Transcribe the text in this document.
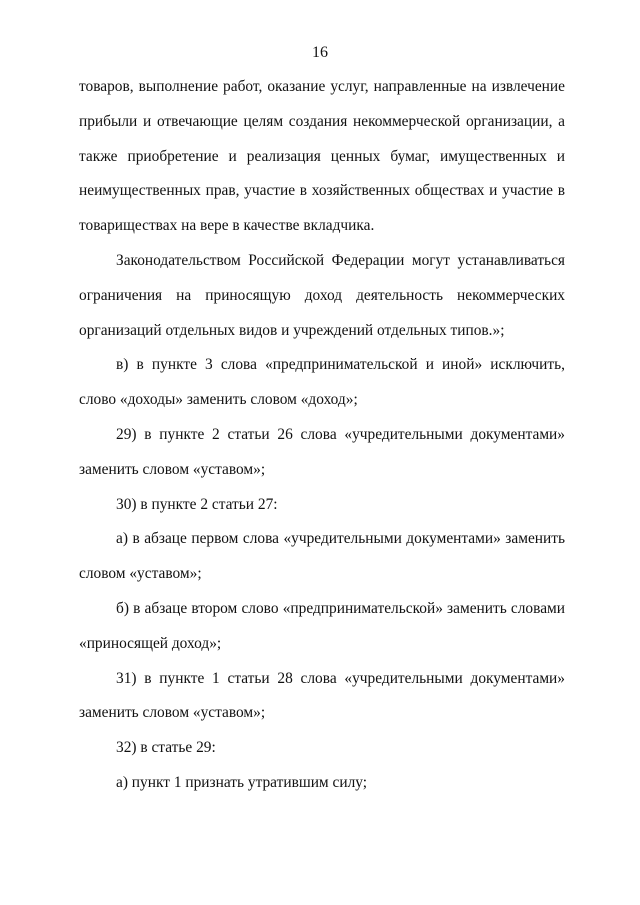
16

товаров, выполнение работ, оказание услуг, направленные на извлечение прибыли и отвечающие целям создания некоммерческой организации, а также приобретение и реализация ценных бумаг, имущественных и неимущественных прав, участие в хозяйственных обществах и участие в товариществах на вере в качестве вкладчика.

Законодательством Российской Федерации могут устанавливаться ограничения на приносящую доход деятельность некоммерческих организаций отдельных видов и учреждений отдельных типов.»;

в) в пункте 3 слова «предпринимательской и иной» исключить, слово «доходы» заменить словом «доход»;

29) в пункте 2 статьи 26 слова «учредительными документами» заменить словом «уставом»;

30) в пункте 2 статьи 27:

а) в абзаце первом слова «учредительными документами» заменить словом «уставом»;

б) в абзаце втором слово «предпринимательской» заменить словами «приносящей доход»;

31) в пункте 1 статьи 28 слова «учредительными документами» заменить словом «уставом»;

32) в статье 29:

а) пункт 1 признать утратившим силу;
